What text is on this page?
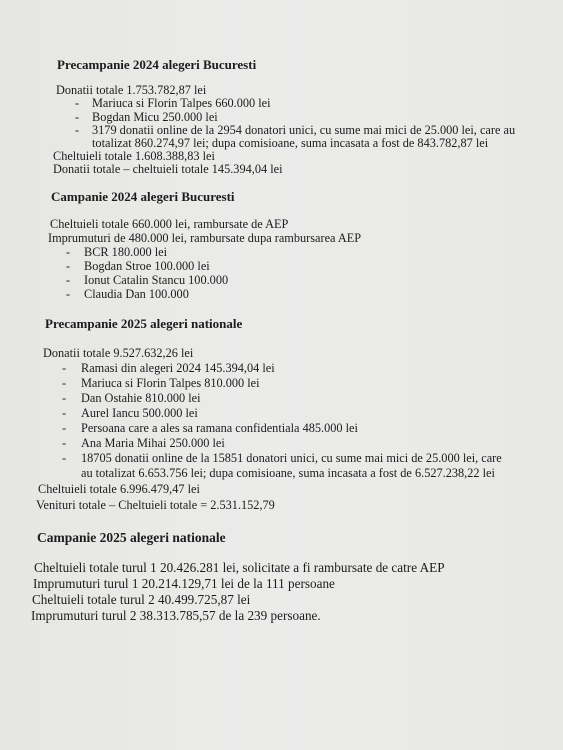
Precampanie 2024 alegeri Bucuresti
Donatii totale 1.753.782,87 lei
- Mariuca si Florin Talpes 660.000 lei
- Bogdan Micu 250.000 lei
- 3179 donatii online de la 2954 donatori unici, cu sume mai mici de 25.000 lei, care au
totalizat 860.274,97 lei; dupa comisioane, suma incasata a fost de 843.782,87 lei
Cheltuieli totale 1.608.388,83 lei
Donatii totale – cheltuieli totale 145.394,04 lei
Campanie 2024 alegeri Bucuresti
Cheltuieli totale 660.000 lei, rambursate de AEP
Imprumuturi de 480.000 lei, rambursate dupa rambursarea AEP
- BCR 180.000 lei
- Bogdan Stroe 100.000 lei
- Ionut Catalin Stancu 100.000
- Claudia Dan 100.000
Precampanie 2025 alegeri nationale
Donatii totale 9.527.632,26 lei
- Ramasi din alegeri 2024 145.394,04 lei
- Mariuca si Florin Talpes 810.000 lei
- Dan Ostahie 810.000 lei
- Aurel Iancu 500.000 lei
- Persoana care a ales sa ramana confidentiala 485.000 lei
- Ana Maria Mihai 250.000 lei
- 18705 donatii online de la 15851 donatori unici, cu sume mai mici de 25.000 lei, care
au totalizat 6.653.756 lei; dupa comisioane, suma incasata a fost de 6.527.238,22 lei
Cheltuieli totale 6.996.479,47 lei
Venituri totale – Cheltuieli totale = 2.531.152,79
Campanie 2025 alegeri nationale
Cheltuieli totale turul 1 20.426.281 lei, solicitate a fi rambursate de catre AEP
Imprumuturi turul 1 20.214.129,71 lei de la 111 persoane
Cheltuieli totale turul 2 40.499.725,87 lei
Imprumuturi turul 2 38.313.785,57 de la 239 persoane.
